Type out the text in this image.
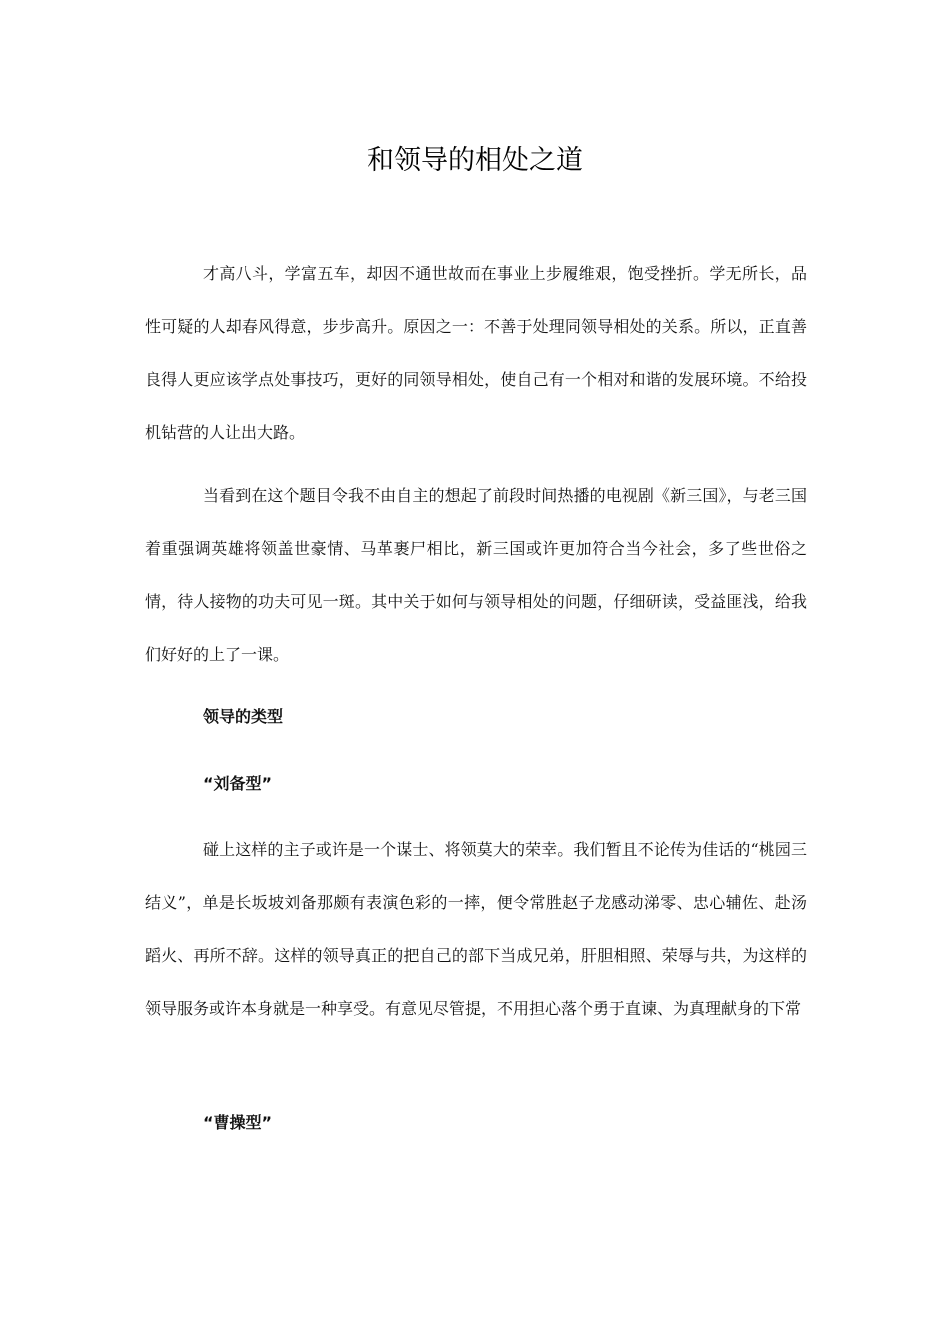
和领导的相处之道

才高八斗，学富五车，却因不通世故而在事业上步履维艰，饱受挫折。学无所长，品性可疑的人却春风得意，步步高升。原因之一：不善于处理同领导相处的关系。所以，正直善良得人更应该学点处事技巧，更好的同领导相处，使自己有一个相对和谐的发展环境。不给投机钻营的人让出大路。

当看到在这个题目令我不由自主的想起了前段时间热播的电视剧《新三国》，与老三国着重强调英雄将领盖世豪情、马革裹尸相比，新三国或许更加符合当今社会，多了些世俗之情，待人接物的功夫可见一斑。其中关于如何与领导相处的问题，仔细研读，受益匪浅，给我们好好的上了一课。

领导的类型
“刘备型”

碰上这样的主子或许是一个谋士、将领莫大的荣幸。我们暂且不论传为佳话的“桃园三结义”，单是长坂坡刘备那颇有表演色彩的一摔，便令常胜赵子龙感动涕零、忠心辅佐、赴汤蹈火、再所不辞。这样的领导真正的把自己的部下当成兄弟，肝胆相照、荣辱与共，为这样的领导服务或许本身就是一种享受。有意见尽管提，不用担心落个勇于直谏、为真理献身的下常

“曹操型”
